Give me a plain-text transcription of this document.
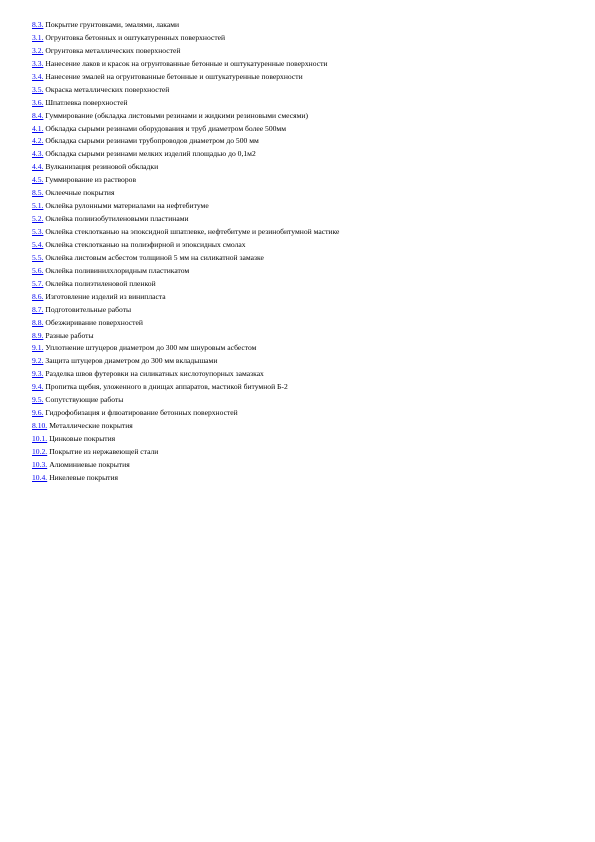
8.3. Покрытие грунтовками, эмалями, лаками
3.1. Огрунтовка бетонных и оштукатуренных поверхностей
3.2. Огрунтовка металлических поверхностей
3.3. Нанесение лаков и красок на огрунтованные бетонные и оштукатуренные поверхности
3.4. Нанесение эмалей на огрунтованные бетонные и оштукатуренные поверхности
3.5. Окраска металлических поверхностей
3.6. Шпатлевка поверхностей
8.4. Гуммирование (обкладка листовыми резинами и жидкими резиновыми смесями)
4.1. Обкладка сырыми резинами оборудования и труб диаметром более 500мм
4.2. Обкладка сырыми резинами трубопроводов диаметром до 500 мм
4.3. Обкладка сырыми резинами мелких изделий площадью до 0,1м2
4.4. Вулканизация резиновой обкладки
4.5. Гуммирование из растворов
8.5. Оклеечные покрытия
5.1. Оклейка рулонными материалами на нефтебитуме
5.2. Оклейка полиизобутиленовыми пластинами
5.3. Оклейка стеклотканью на эпоксидной шпатлевке, нефтебитуме и резинобитумной мастике
5.4. Оклейка стеклотканью на полиэфирной и эпоксидных смолах
5.5. Оклейка листовым асбестом толщиной 5 мм на силикатной замазке
5.6. Оклейка поливинилхлоридным пластикатом
5.7. Оклейка полиэтиленовой пленкой
8.6. Изготовление изделий из винипласта
8.7. Подготовительные работы
8.8. Обезжиривание поверхностей
8.9. Разные работы
9.1. Уплотнение штуцеров диаметром до 300 мм шнуровым асбестом
9.2. Защита штуцеров диаметром до 300 мм вкладышами
9.3. Разделка швов футеровки на силикатных кислотоупорных замазках
9.4. Пропитка щебня, уложенного в днищах аппаратов, мастикой битумной Б-2
9.5. Сопутствующие работы
9.6. Гидрофобизация и флюатирование бетонных поверхностей
8.10. Металлические покрытия
10.1. Цинковые покрытия
10.2. Покрытие из нержавеющей стали
10.3. Алюминиевые покрытия
10.4. Никелевые покрытия
